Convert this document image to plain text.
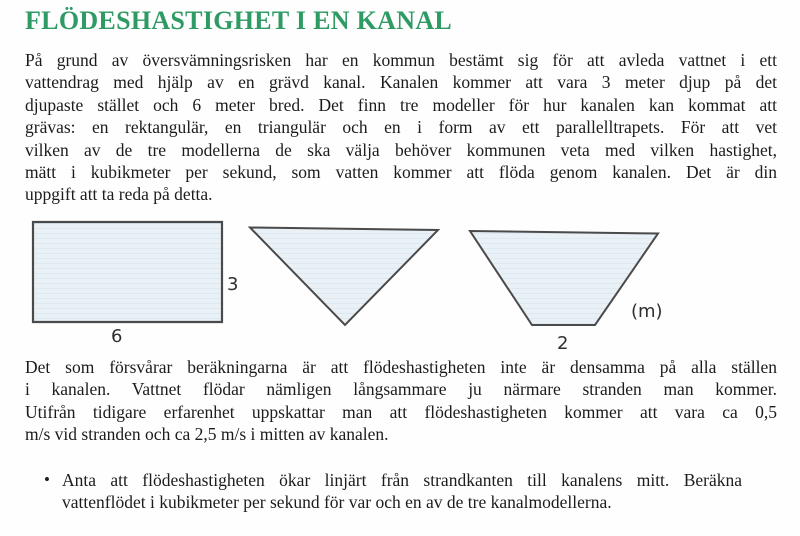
FLÖDESHASTIGHET I EN KANAL
På grund av översvämningsrisken har en kommun bestämt sig för att avleda vattnet i ett
vattendrag med hjälp av en grävd kanal. Kanalen kommer att vara 3 meter djup på det
djupaste stället och 6 meter bred. Det finn tre modeller för hur kanalen kan kommat att
grävas: en rektangulär, en triangulär och en i form av ett parallelltrapets. För att vet
vilken av de tre modellerna de ska välja behöver kommunen veta med vilken hastighet,
mätt i kubikmeter per sekund, som vatten kommer att flöda genom kanalen. Det är din
uppgift att ta reda på detta.
3
6	2
(m)
Det som försvårar beräkningarna är att flödeshastigheten inte är densamma på alla ställen
i kanalen. Vattnet flödar nämligen långsammare ju närmare stranden man kommer.
Utifrån tidigare erfarenhet uppskattar man att flödeshastigheten kommer att vara ca 0,5
m/s vid stranden och ca 2,5 m/s i mitten av kanalen.
• Anta att flödeshastigheten ökar linjärt från strandkanten till kanalens mitt. Beräkna
vattenflödet i kubikmeter per sekund för var och en av de tre kanalmodellerna.
